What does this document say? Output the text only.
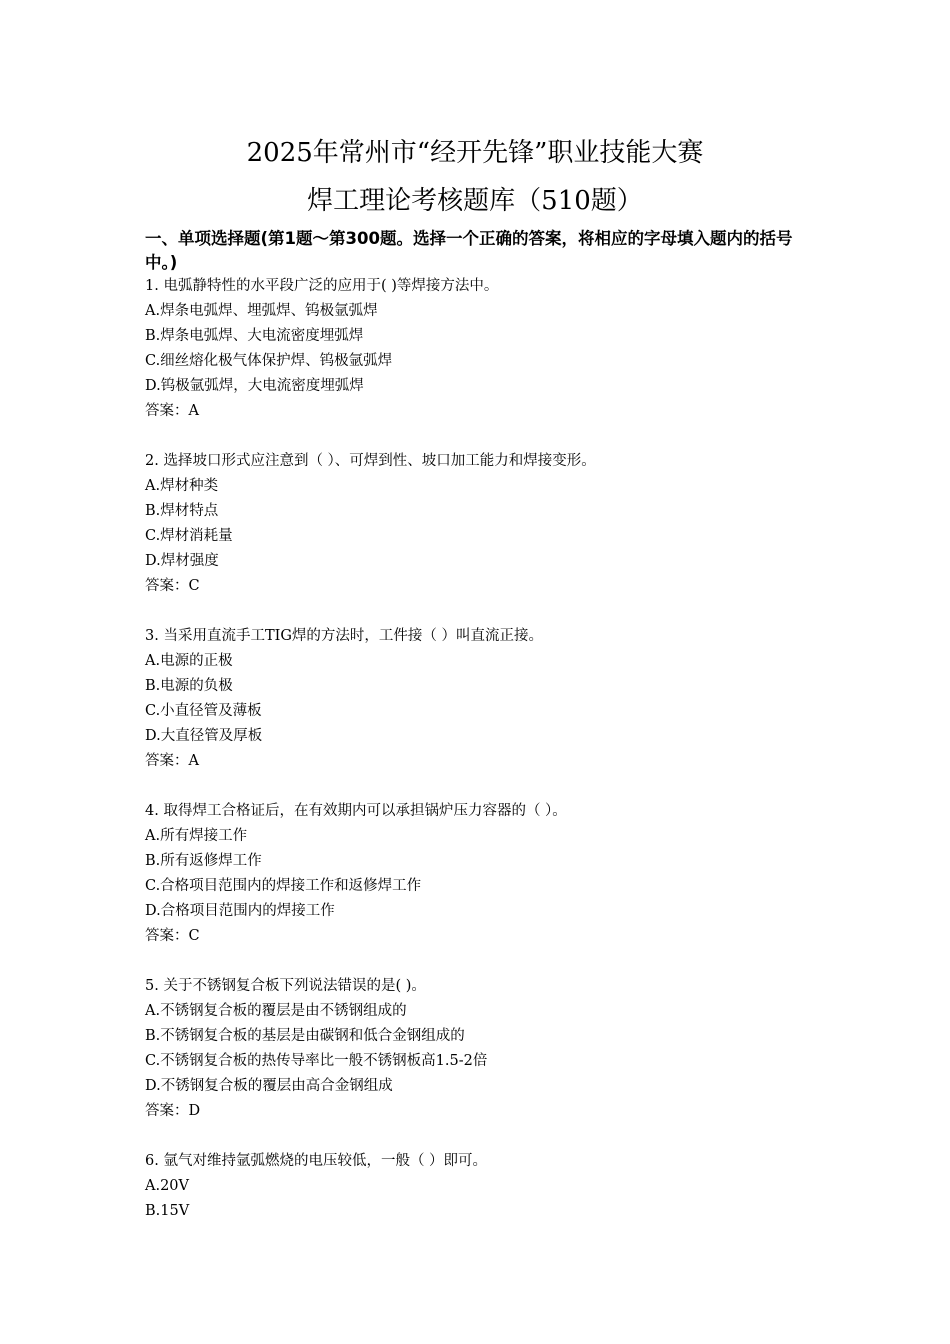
2025年常州市“经开先锋”职业技能大赛
焊工理论考核题库（510题）
一、单项选择题(第1题～第300题。选择一个正确的答案，将相应的字母填入题内的括号中。)
1. 电弧静特性的水平段广泛的应用于( )等焊接方法中。
A.焊条电弧焊、埋弧焊、钨极氩弧焊
B.焊条电弧焊、大电流密度埋弧焊
C.细丝熔化极气体保护焊、钨极氩弧焊
D.钨极氩弧焊，大电流密度埋弧焊
答案：A
2. 选择坡口形式应注意到（ ）、可焊到性、坡口加工能力和焊接变形。
A.焊材种类
B.焊材特点
C.焊材消耗量
D.焊材强度
答案：C
3. 当采用直流手工TIG焊的方法时，工件接（ ）叫直流正接。
A.电源的正极
B.电源的负极
C.小直径管及薄板
D.大直径管及厚板
答案：A
4. 取得焊工合格证后，在有效期内可以承担锅炉压力容器的（ ）。
A.所有焊接工作
B.所有返修焊工作
C.合格项目范围内的焊接工作和返修焊工作
D.合格项目范围内的焊接工作
答案：C
5. 关于不锈钢复合板下列说法错误的是( )。
A.不锈钢复合板的覆层是由不锈钢组成的
B.不锈钢复合板的基层是由碳钢和低合金钢组成的
C.不锈钢复合板的热传导率比一般不锈钢板高1.5-2倍
D.不锈钢复合板的覆层由高合金钢组成
答案：D
6. 氩气对维持氩弧燃烧的电压较低，一般（ ）即可。
A.20V
B.15V
